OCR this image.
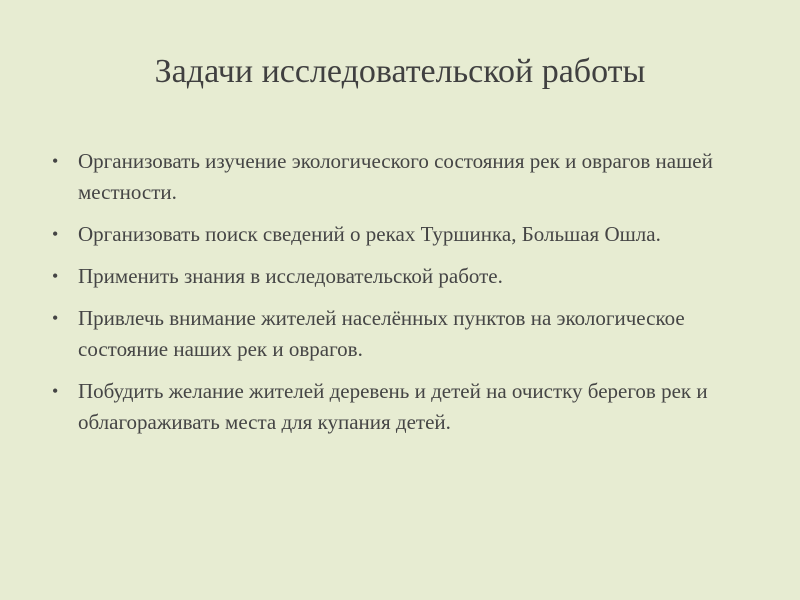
Задачи исследовательской работы
• Организовать изучение экологического состояния рек и оврагов нашей местности.
• Организовать поиск сведений о реках Туршинка, Большая Ошла.
• Применить знания в исследовательской работе.
• Привлечь внимание жителей населённых пунктов на экологическое состояние наших рек и оврагов.
• Побудить желание жителей деревень и детей на очистку берегов рек и облагораживать места для купания детей.
